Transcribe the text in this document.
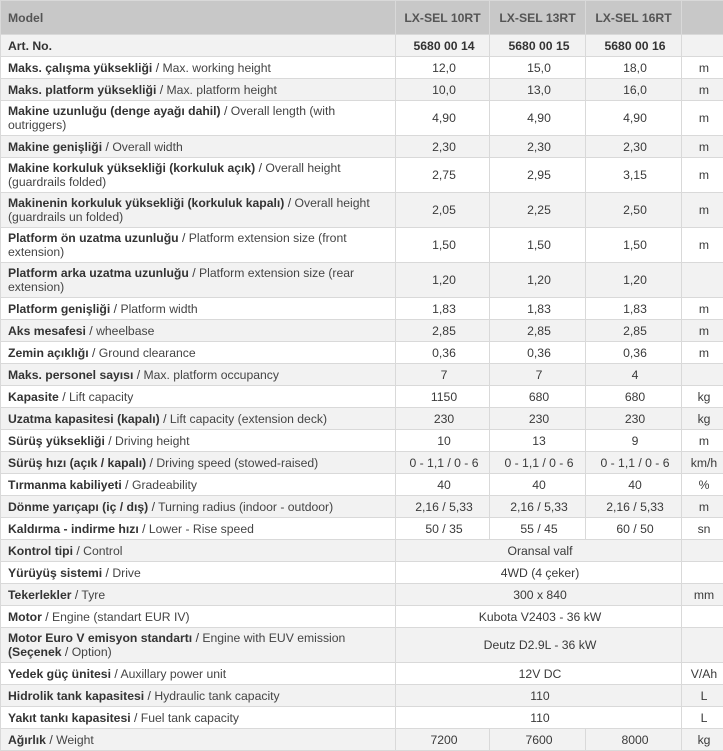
Model	LX-SEL 10RT	LX-SEL 13RT	LX-SEL 16RT	
Art. No.	5680 00 14	5680 00 15	5680 00 16	
Maks. çalışma yüksekliği / Max. working height	12,0	15,0	18,0	m
Maks. platform yüksekliği / Max. platform height	10,0	13,0	16,0	m
Makine uzunluğu (denge ayağı dahil) / Overall length (with outriggers)	4,90	4,90	4,90	m
Makine genişliği / Overall width	2,30	2,30	2,30	m
Makine korkuluk yüksekliği (korkuluk açık) / Overall height (guardrails folded)	2,75	2,95	3,15	m
Makinenin korkuluk yüksekliği (korkuluk kapalı) / Overall height (guardrails un folded)	2,05	2,25	2,50	m
Platform ön uzatma uzunluğu / Platform extension size (front extension)	1,50	1,50	1,50	m
Platform arka uzatma uzunluğu / Platform extension size (rear extension)	1,20	1,20	1,20	
Platform genişliği / Platform width	1,83	1,83	1,83	m
Aks mesafesi / wheelbase	2,85	2,85	2,85	m
Zemin açıklığı / Ground clearance	0,36	0,36	0,36	m
Maks. personel sayısı / Max. platform occupancy	7	7	4	
Kapasite / Lift capacity	1150	680	680	kg
Uzatma kapasitesi (kapalı) / Lift capacity (extension deck)	230	230	230	kg
Sürüş yüksekliği / Driving height	10	13	9	m
Sürüş hızı (açık / kapalı) / Driving speed (stowed-raised)	0 - 1,1 / 0 - 6	0 - 1,1 / 0 - 6	0 - 1,1 / 0 - 6	km/h
Tırmanma kabiliyeti / Gradeability	40	40	40	%
Dönme yarıçapı (iç / dış) / Turning radius (indoor - outdoor)	2,16 / 5,33	2,16 / 5,33	2,16 / 5,33	m
Kaldırma - indirme hızı / Lower - Rise speed	50 / 35	55 / 45	60 / 50	sn
Kontrol tipi / Control	Oransal valf			
Yürüyüş sistemi / Drive	4WD (4 çeker)			
Tekerlekler / Tyre	300 x 840			mm
Motor / Engine (standart EUR IV)	Kubota V2403 - 36 kW			
Motor Euro V emisyon standartı / Engine with EUV emission (Seçenek / Option)	Deutz D2.9L - 36 kW			
Yedek güç ünitesi / Auxillary power unit	12V DC			V/Ah
Hidrolik tank kapasitesi / Hydraulic tank capacity	110			L
Yakıt tankı kapasitesi / Fuel tank capacity	110			L
Ağırlık / Weight	7200	7600	8000	kg
